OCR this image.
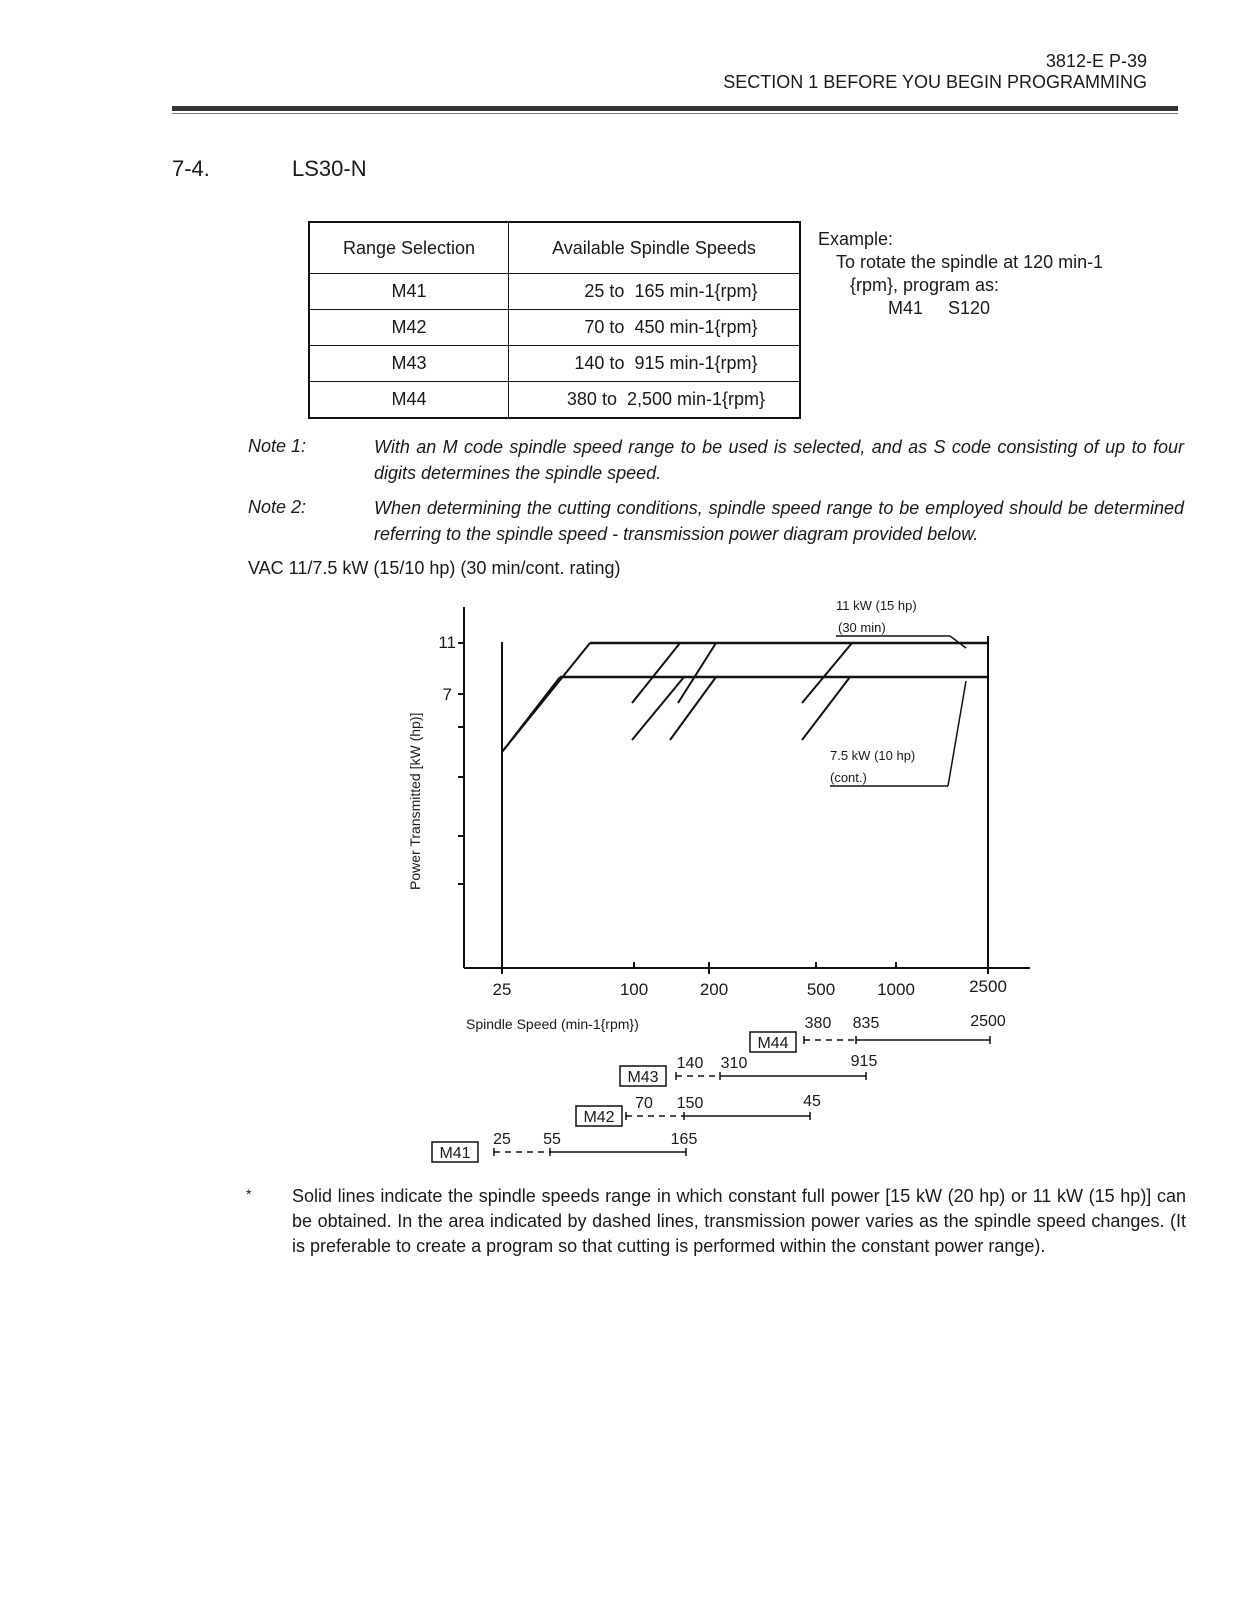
3812-E P-39
SECTION 1 BEFORE YOU BEGIN PROGRAMMING
7-4.	LS30-N
Range Selection	Available Spindle Speeds
M41	25 to 165 min-1{rpm}
M42	70 to 450 min-1{rpm}
M43	140 to 915 min-1{rpm}
M44	380 to 2,500 min-1{rpm}
Example:
To rotate the spindle at 120 min-1
{rpm}, program as:
M41     S120
Note 1:	With an M code spindle speed range to be used is selected, and as S code consisting of up to four digits determines the spindle speed.
Note 2:	When determining the cutting conditions, spindle speed range to be employed should be determined referring to the spindle speed - transmission power diagram provided below.
VAC 11/7.5 kW (15/10 hp) (30 min/cont. rating)
11
7
Power Transmitted [kW (hp)]
25	100	200	500 1000	2500
Spindle Speed (min-1{rpm})
11 kW (15 hp)
(30 min)
7.5 kW (10 hp)
(cont.)
M44
M43
M42
M41
380 835	2500
140 310	915
70 150	45
25 55	165
* Solid lines indicate the spindle speeds range in which constant full power [15 kW (20 hp) or 11 kW (15 hp)] can be obtained. In the area indicated by dashed lines, transmission power varies as the spindle speed changes. (It is preferable to create a program so that cutting is performed within the constant power range).
